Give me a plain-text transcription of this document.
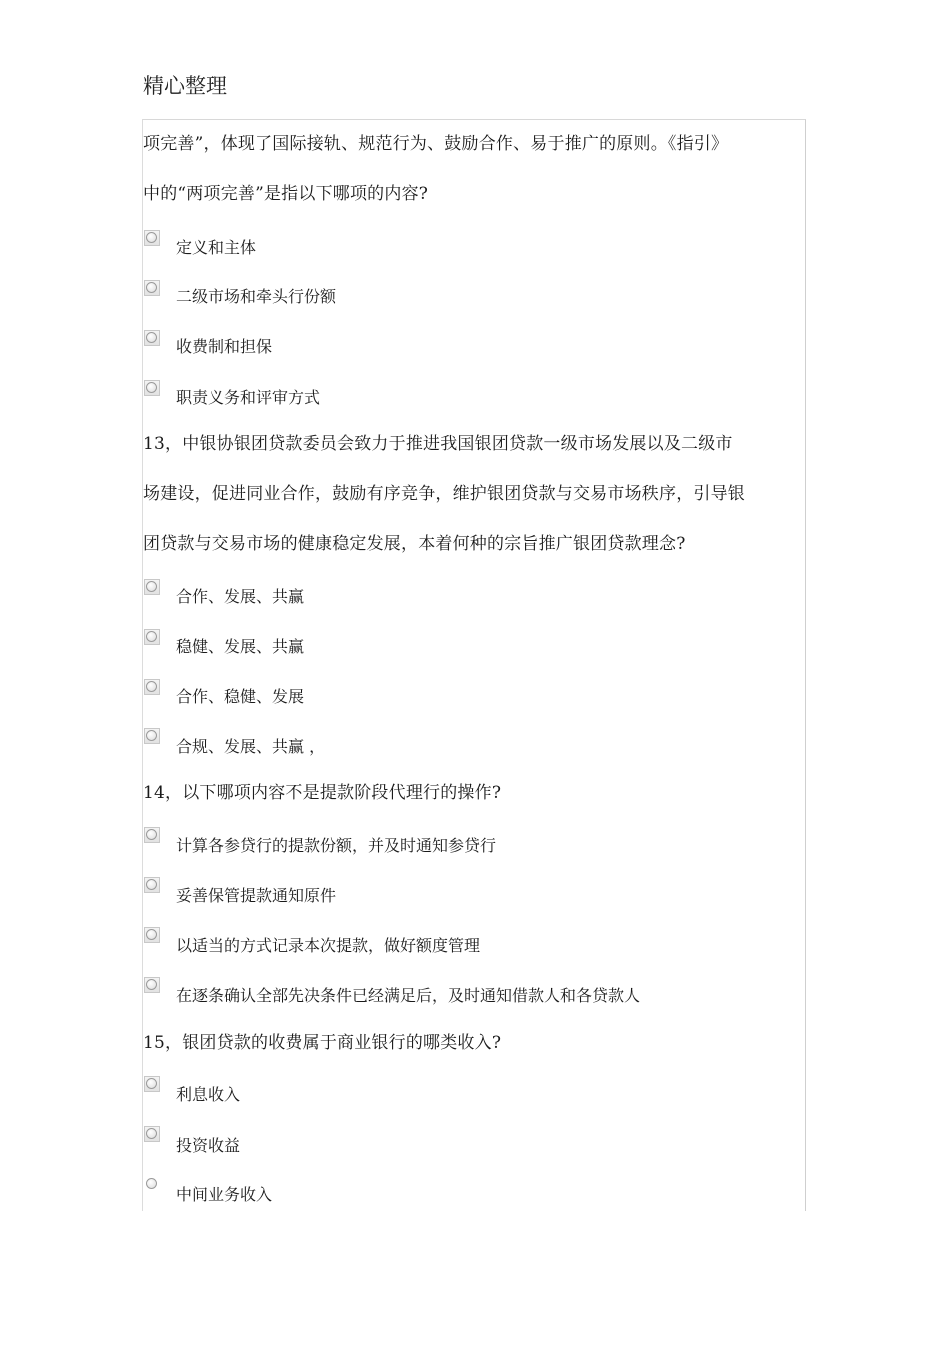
精心整理
项完善”，体现了国际接轨、规范行为、鼓励合作、易于推广的原则。《指引》
中的“两项完善”是指以下哪项的内容?
定义和主体
二级市场和牵头行份额
收费制和担保
职责义务和评审方式
13，中银协银团贷款委员会致力于推进我国银团贷款一级市场发展以及二级市
场建设，促进同业合作，鼓励有序竞争，维护银团贷款与交易市场秩序，引导银
团贷款与交易市场的健康稳定发展，本着何种的宗旨推广银团贷款理念?
合作、发展、共赢
稳健、发展、共赢
合作、稳健、发展
合规、发展、共赢 ，
14，以下哪项内容不是提款阶段代理行的操作?
计算各参贷行的提款份额，并及时通知参贷行
妥善保管提款通知原件
以适当的方式记录本次提款，做好额度管理
在逐条确认全部先决条件已经满足后，及时通知借款人和各贷款人
15，银团贷款的收费属于商业银行的哪类收入?
利息收入
投资收益
中间业务收入
